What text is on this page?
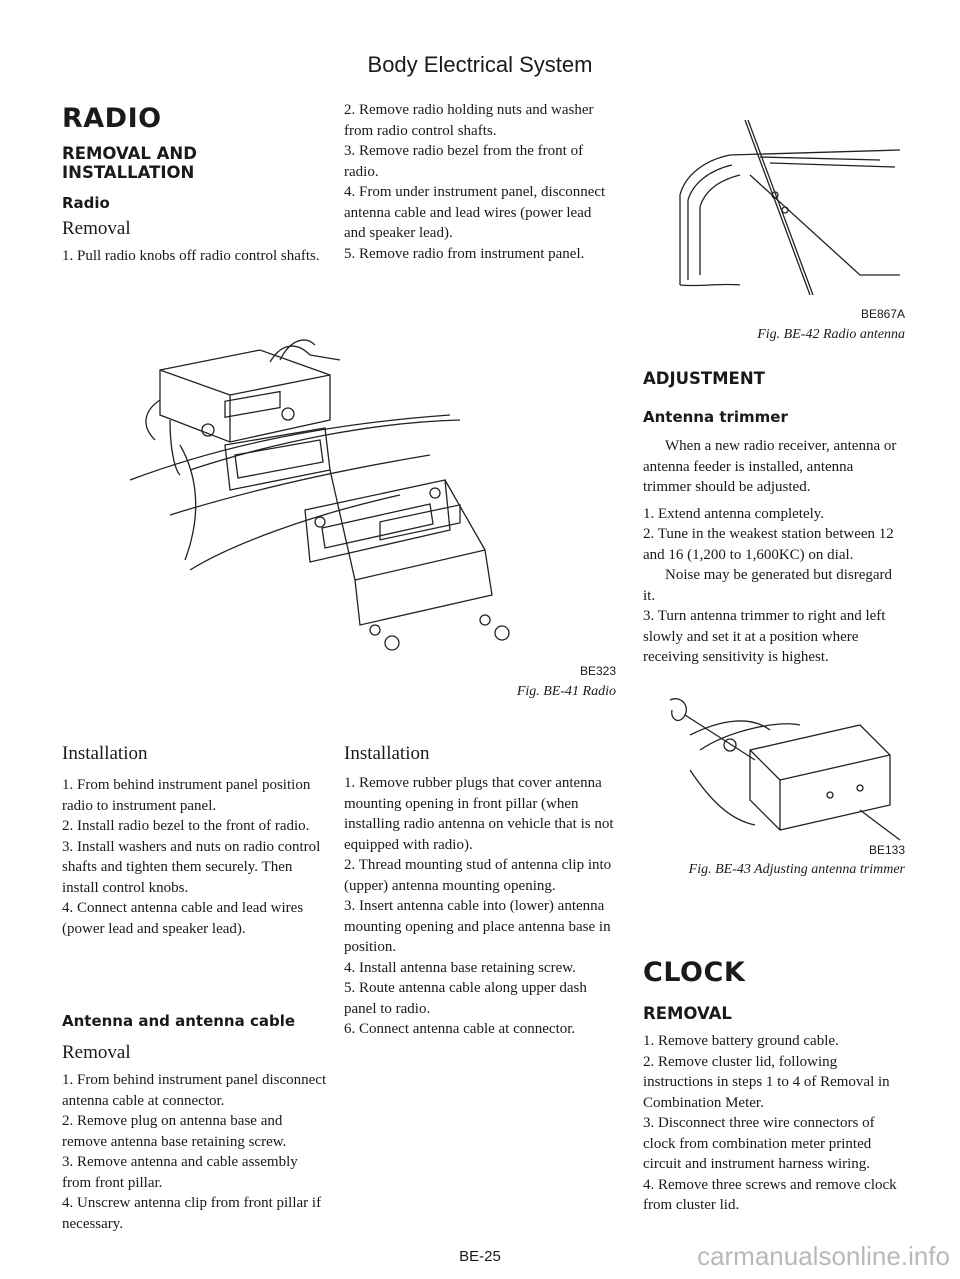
Body Electrical System
RADIO
REMOVAL AND INSTALLATION
Radio
Removal
1. Pull radio knobs off radio control shafts.
Installation
1. From behind instrument panel position radio to instrument panel.
2. Install radio bezel to the front of radio.
3. Install washers and nuts on radio control shafts and tighten them securely. Then install control knobs.
4. Connect antenna cable and lead wires (power lead and speaker lead).
Antenna and antenna cable
Removal
1. From behind instrument panel disconnect antenna cable at connector.
2. Remove plug on antenna base and remove antenna base retaining screw.
3. Remove antenna and cable assembly from front pillar.
4. Unscrew antenna clip from front pillar if necessary.
2. Remove radio holding nuts and washer from radio control shafts.
3. Remove radio bezel from the front of radio.
4. From under instrument panel, disconnect antenna cable and lead wires (power lead and speaker lead).
5. Remove radio from instrument panel.
BE323
Fig. BE-41 Radio
Installation
1. Remove rubber plugs that cover antenna mounting opening in front pillar (when installing radio antenna on vehicle that is not equipped with radio).
2. Thread mounting stud of antenna clip into (upper) antenna mounting opening.
3. Insert antenna cable into (lower) antenna mounting opening and place antenna base in position.
4. Install antenna base retaining screw.
5. Route antenna cable along upper dash panel to radio.
6. Connect antenna cable at connector.
BE867A
Fig. BE-42 Radio antenna
ADJUSTMENT
Antenna trimmer
When a new radio receiver, antenna or antenna feeder is installed, antenna trimmer should be adjusted.
1. Extend antenna completely.
2. Tune in the weakest station between 12 and 16 (1,200 to 1,600KC) on dial.
Noise may be generated but disregard it.
3. Turn antenna trimmer to right and left slowly and set it at a position where receiving sensitivity is highest.
BE133
Fig. BE-43 Adjusting antenna trimmer
CLOCK
REMOVAL
1. Remove battery ground cable.
2. Remove cluster lid, following instructions in steps 1 to 4 of Removal in Combination Meter.
3. Disconnect three wire connectors of clock from combination meter printed circuit and instrument harness wiring.
4. Remove three screws and remove clock from cluster lid.
BE-25	carmanualsonline.info
